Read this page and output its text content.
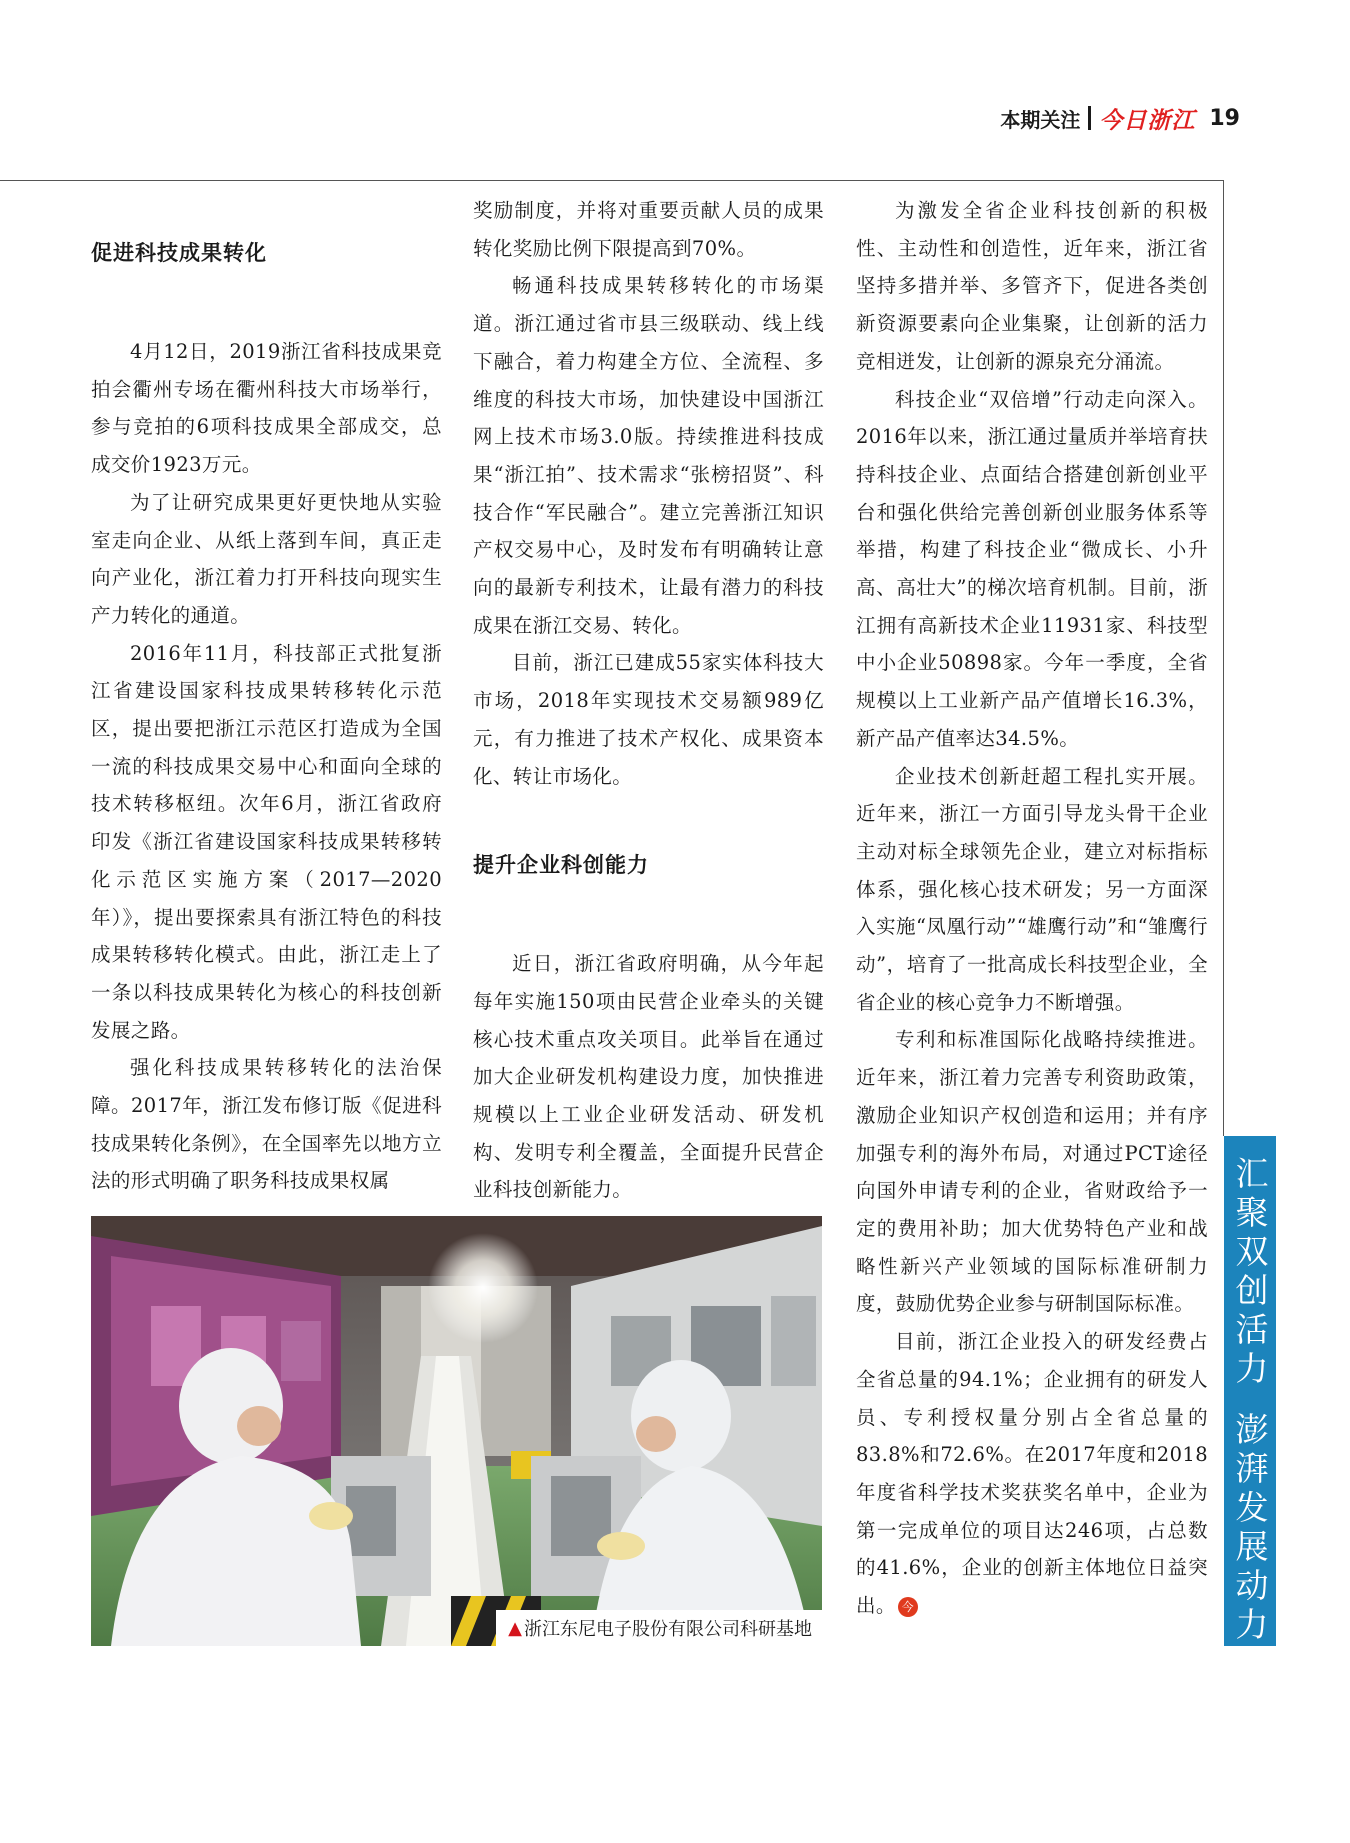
本期关注 今日浙江 19
促进科技成果转化

4月12日，2019浙江省科技成果竞拍会衢州专场在衢州科技大市场举行，参与竞拍的6项科技成果全部成交，总成交价1923万元。

为了让研究成果更好更快地从实验室走向企业、从纸上落到车间，真正走向产业化，浙江着力打开科技向现实生产力转化的通道。

2016年11月，科技部正式批复浙江省建设国家科技成果转移转化示范区，提出要把浙江示范区打造成为全国一流的科技成果交易中心和面向全球的技术转移枢纽。次年6月，浙江省政府印发《浙江省建设国家科技成果转移转化示范区实施方案（2017—2020年）》，提出要探索具有浙江特色的科技成果转移转化模式。由此，浙江走上了一条以科技成果转化为核心的科技创新发展之路。

强化科技成果转移转化的法治保障。2017年，浙江发布修订版《促进科技成果转化条例》，在全国率先以地方立法的形式明确了职务科技成果权属

奖励制度，并将对重要贡献人员的成果转化奖励比例下限提高到70%。

畅通科技成果转移转化的市场渠道。浙江通过省市县三级联动、线上线下融合，着力构建全方位、全流程、多维度的科技大市场，加快建设中国浙江网上技术市场3.0版。持续推进科技成果“浙江拍”、技术需求“张榜招贤”、科技合作“军民融合”。建立完善浙江知识产权交易中心，及时发布有明确转让意向的最新专利技术，让最有潜力的科技成果在浙江交易、转化。

目前，浙江已建成55家实体科技大市场，2018年实现技术交易额989亿元，有力推进了技术产权化、成果资本化、转让市场化。

提升企业科创能力

近日，浙江省政府明确，从今年起每年实施150项由民营企业牵头的关键核心技术重点攻关项目。此举旨在通过加大企业研发机构建设力度，加快推进规模以上工业企业研发活动、研发机构、发明专利全覆盖，全面提升民营企业科技创新能力。

为激发全省企业科技创新的积极性、主动性和创造性，近年来，浙江省坚持多措并举、多管齐下，促进各类创新资源要素向企业集聚，让创新的活力竞相迸发，让创新的源泉充分涌流。

科技企业“双倍增”行动走向深入。2016年以来，浙江通过量质并举培育扶持科技企业、点面结合搭建创新创业平台和强化供给完善创新创业服务体系等举措，构建了科技企业“微成长、小升高、高壮大”的梯次培育机制。目前，浙江拥有高新技术企业11931家、科技型中小企业50898家。今年一季度，全省规模以上工业新产品产值增长16.3%，新产品产值率达34.5%。

企业技术创新赶超工程扎实开展。近年来，浙江一方面引导龙头骨干企业主动对标全球领先企业，建立对标指标体系，强化核心技术研发；另一方面深入实施“凤凰行动”“雄鹰行动”和“雏鹰行动”，培育了一批高成长科技型企业，全省企业的核心竞争力不断增强。

专利和标准国际化战略持续推进。近年来，浙江着力完善专利资助政策，激励企业知识产权创造和运用；并有序加强专利的海外布局，对通过PCT途径向国外申请专利的企业，省财政给予一定的费用补助；加大优势特色产业和战略性新兴产业领域的国际标准研制力度，鼓励优势企业参与研制国际标准。

目前，浙江企业投入的研发经费占全省总量的94.1%；企业拥有的研发人员、专利授权量分别占全省总量的83.8%和72.6%。在2017年度和2018年度省科学技术奖获奖名单中，企业为第一完成单位的项目达246项，占总数的41.6%，企业的创新主体地位日益突出。 今

▲ 浙江东尼电子股份有限公司科研基地
汇聚双创活力
澎湃发展动力
